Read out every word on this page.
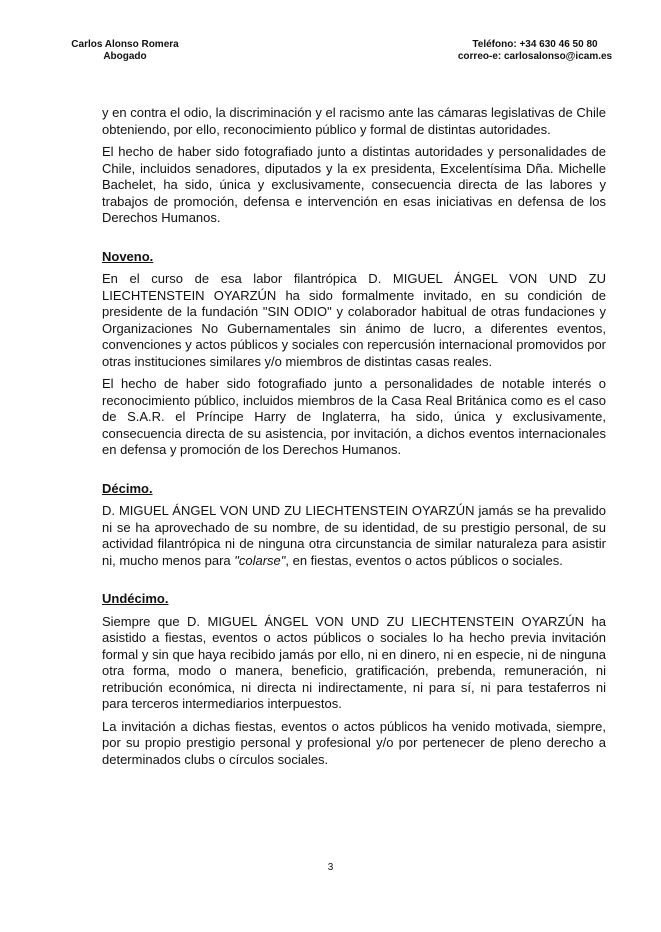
Carlos Alonso Romera
Abogado
Teléfono: +34 630 46 50 80
correo-e: carlosalonso@icam.es

y en contra el odio, la discriminación y el racismo ante las cámaras legislativas de Chile obteniendo, por ello, reconocimiento público y formal de distintas autoridades.

El hecho de haber sido fotografiado junto a distintas autoridades y personalidades de Chile, incluidos senadores, diputados y la ex presidenta, Excelentísima Dña. Michelle Bachelet, ha sido, única y exclusivamente, consecuencia directa de las labores y trabajos de promoción, defensa e intervención en esas iniciativas en defensa de los Derechos Humanos.

Noveno.

En el curso de esa labor filantrópica D. MIGUEL ÁNGEL VON UND ZU LIECHTENSTEIN OYARZÚN ha sido formalmente invitado, en su condición de presidente de la fundación "SIN ODIO" y colaborador habitual de otras fundaciones y Organizaciones No Gubernamentales sin ánimo de lucro, a diferentes eventos, convenciones y actos públicos y sociales con repercusión internacional promovidos por otras instituciones similares y/o miembros de distintas casas reales.

El hecho de haber sido fotografiado junto a personalidades de notable interés o reconocimiento público, incluidos miembros de la Casa Real Británica como es el caso de S.A.R. el Príncipe Harry de Inglaterra, ha sido, única y exclusivamente, consecuencia directa de su asistencia, por invitación, a dichos eventos internacionales en defensa y promoción de los Derechos Humanos.

Décimo.

D. MIGUEL ÁNGEL VON UND ZU LIECHTENSTEIN OYARZÚN jamás se ha prevalido ni se ha aprovechado de su nombre, de su identidad, de su prestigio personal, de su actividad filantrópica ni de ninguna otra circunstancia de similar naturaleza para asistir ni, mucho menos para "colarse", en fiestas, eventos o actos públicos o sociales.

Undécimo.

Siempre que D. MIGUEL ÁNGEL VON UND ZU LIECHTENSTEIN OYARZÚN ha asistido a fiestas, eventos o actos públicos o sociales lo ha hecho previa invitación formal y sin que haya recibido jamás por ello, ni en dinero, ni en especie, ni de ninguna otra forma, modo o manera, beneficio, gratificación, prebenda, remuneración, ni retribución económica, ni directa ni indirectamente, ni para sí, ni para testaferros ni para terceros intermediarios interpuestos.

La invitación a dichas fiestas, eventos o actos públicos ha venido motivada, siempre, por su propio prestigio personal y profesional y/o por pertenecer de pleno derecho a determinados clubs o círculos sociales.

3
